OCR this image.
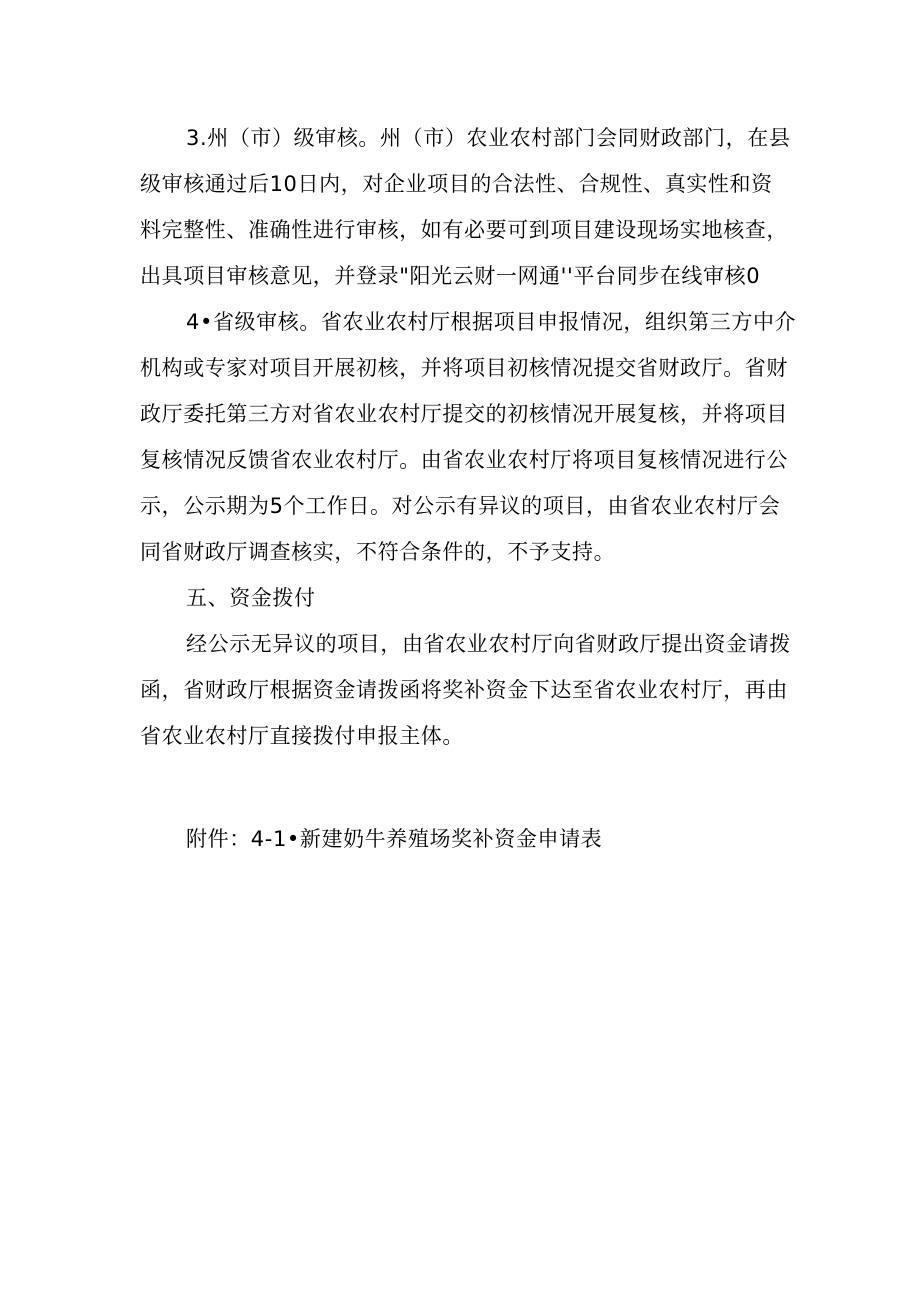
3.州（市）级审核。州（市）农业农村部门会同财政部门，在县
级审核通过后10日内，对企业项目的合法性、合规性、真实性和资
料完整性、准确性进行审核，如有必要可到项目建设现场实地核查，
出具项目审核意见，并登录"阳光云财一网通''平台同步在线审核0
4•省级审核。省农业农村厅根据项目申报情况，组织第三方中介
机构或专家对项目开展初核，并将项目初核情况提交省财政厅。省财
政厅委托第三方对省农业农村厅提交的初核情况开展复核，并将项目
复核情况反馈省农业农村厅。由省农业农村厅将项目复核情况进行公
示，公示期为5个工作日。对公示有异议的项目，由省农业农村厅会
同省财政厅调查核实，不符合条件的，不予支持。
五、资金拨付
经公示无异议的项目，由省农业农村厅向省财政厅提出资金请拨
函，省财政厅根据资金请拨函将奖补资金下达至省农业农村厅，再由
省农业农村厅直接拨付申报主体。
附件：4-1•新建奶牛养殖场奖补资金申请表
